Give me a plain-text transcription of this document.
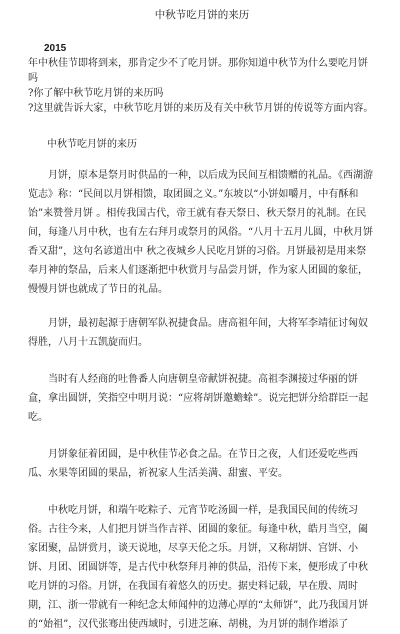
中秋节吃月饼的来历
2015

年中秋佳节即将到来，那肯定少不了吃月饼。那你知道中秋节为什么要吃月饼吗

?你了解中秋节吃月饼的来历吗

?这里就告诉大家，中秋节吃月饼的来历及有关中秋节月饼的传说等方面内容。

中秋节吃月饼的来历

月饼，原本是祭月时供品的一种，以后成为民间互相馈赠的礼品。《西湖游览志》称：“民间以月饼相馈，取团圆之义。”东坡以“小饼如嚼月，中有酥和饴”来赞誉月饼 。相传我国古代，帝王就有春天祭日、秋天祭月的礼制。在民间，每逢八月中秋，也有左右拜月或祭月的风俗。“八月十五月儿圆，中秋月饼香又甜”，这句名谚道出中 秋之夜城乡人民吃月饼的习俗。月饼最初是用来祭奉月神的祭品，后来人们逐渐把中秋赏月与品尝月饼，作为家人团圆的象征，慢慢月饼也就成了节日的礼品。

月饼，最初起源于唐朝军队祝捷食品。唐高祖年间，大将军李靖征讨匈奴得胜，八月十五凯旋而归。

当时有人经商的吐鲁番人向唐朝皇帝献饼祝捷。高祖李渊接过华丽的饼盒，拿出圆饼，笑指空中明月说：“应将胡饼邀蟾蜍”。说完把饼分给群臣一起吃。

月饼象征着团圆，是中秋佳节必食之品。在节日之夜，人们还爱吃些西瓜、水果等团圆的果品，祈祝家人生活美满、甜蜜、平安。

中秋吃月饼，和端午吃粽子、元宵节吃汤圆一样，是我国民间的传统习俗。古往今来，人们把月饼当作吉祥、团圆的象征。每逢中秋，皓月当空，阖家团聚，品饼赏月，谈天说地，尽享天伦之乐。月饼，又称胡饼、宫饼、小饼、月团、团圆饼等，是古代中秋祭拜月神的供品，沿传下来，便形成了中秋吃月饼的习俗。月饼，在我国有着悠久的历史。据史料记载，早在殷、周时期，江、浙一带就有一种纪念太师闻仲的边薄心厚的“太师饼”，此乃我国月饼的“始祖”，汉代张骞出使西域时，引进芝麻、胡桃，为月饼的制作增添了
